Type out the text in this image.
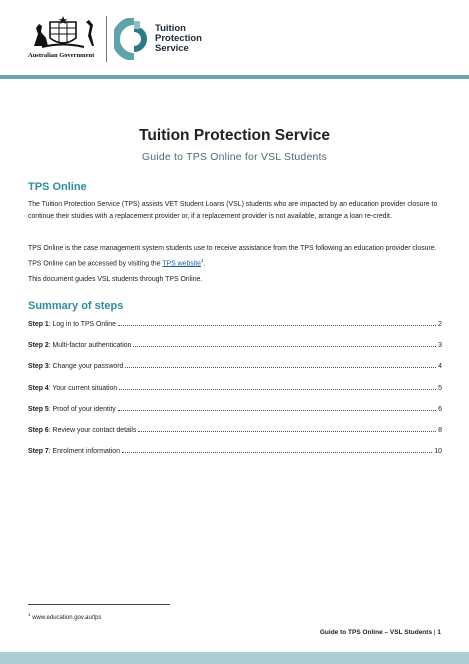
Australian Government
Tuition
Protection
Service
Tuition Protection Service
Guide to TPS Online for VSL Students
TPS Online
The Tuition Protection Service (TPS) assists VET Student Loans (VSL) students who are impacted by an education provider closure to continue their studies with a replacement provider or, if a replacement provider is not available, arrange a loan re-credit.
TPS Online is the case management system students use to receive assistance from the TPS following an education provider closure. TPS Online can be accessed by visiting the TPS website$^1$.
This document guides VSL students through TPS Online.
Summary of steps
Step 1 : Log in to TPS Online	2
Step 2 : Multi-factor authentication	3
Step 3 : Change your password	4
Step 4 : Your current situation	5
Step 5 : Proof of your identity	6
Step 6 : Review your contact details	8
Step 7 : Enrolment information	10
$^1$ www.education.gov.au/tps
Guide to TPS Online – VSL Students | 1
